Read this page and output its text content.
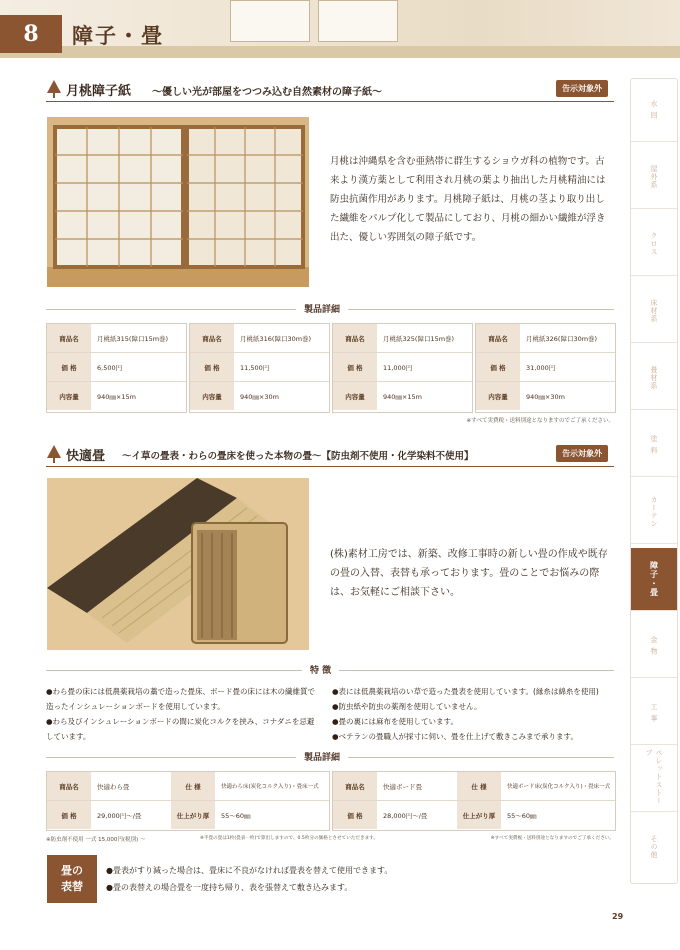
8	障子・畳
水 回
屋外系
クロス
床材系
畳材系
塗 料
カーテン
障子・畳
金 物
工 事
ペレットストーブ
その他
月桃障子紙 ～優しい光が部屋をつつみ込む自然素材の障子紙～	告示対象外
月桃は沖縄県を含む亜熱帯に群生するショウガ科の植物です。古来より漢方薬として利用され月桃の葉より抽出した月桃精油には防虫抗菌作用があります。月桃障子紙は、月桃の茎より取り出した繊維をパルプ化して製品にしており、月桃の細かい繊維が浮き出た、優しい雰囲気の障子紙です。
製品詳細
商品名	月桃紙315(障口15m巻)
価 格	6,500円
内容量	940㎜×15m
商品名	月桃紙316(障口30m巻)
価 格	11,500円
内容量	940㎜×30m
商品名	月桃紙325(障口15m巻)
価 格	11,000円
内容量	940㎜×15m
商品名	月桃紙326(障口30m巻)
価 格	31,000円
内容量	940㎜×30m
※すべて実費税・送料別途となりますのでご了承ください。
快適畳 ～イ草の畳表・わらの畳床を使った本物の畳～【防虫剤不使用・化学染料不使用】	告示対象外
(株)素材工房では、新築、改修工事時の新しい畳の作成や既存の畳の入替、表替も承っております。畳のことでお悩みの際は、お気軽にご相談下さい。
特 徴
●わら畳の床には低農薬栽培の藁で造った畳床、ボード畳の床には木の繊維質で造ったインシュレーションボードを使用しています。
●わら及びインシュレーションボードの間に炭化コルクを挟み、コナダニを忌避しています。
●表には低農薬栽培のい草で造った畳表を使用しています。(縁糸は綿糸を使用)
●防虫紙や防虫の薬剤を使用していません。
●畳の裏には麻布を使用しています。
●ベテランの畳職人が採寸に伺い、畳を仕上げて敷きこみまで承ります。
製品詳細
商品名	快適わら畳	仕 様	快適わら床(炭化コルク入り)・畳床一式
価 格	29,000円～/畳	仕上がり厚	55～60㎜
商品名	快適ボード畳	仕 様	快適ボード床(炭化コルク入り)・畳床一式
価 格	28,000円～/畳	仕上がり厚	55～60㎜
※防虫剤不使用 一式 15,000円(税別) ～	※半畳の畳は1枚(畳表一枚)で算出しますので、0.5枚分の価格とさせていただきます。	※すべて実費税・送料別途となりますのでご了承ください。
畳の
表替
●畳表がすり減った場合は、畳床に不良がなければ畳表を替えて使用できます。
●畳の表替えの場合畳を一度持ち帰り、表を張替えて敷き込みます。
29
